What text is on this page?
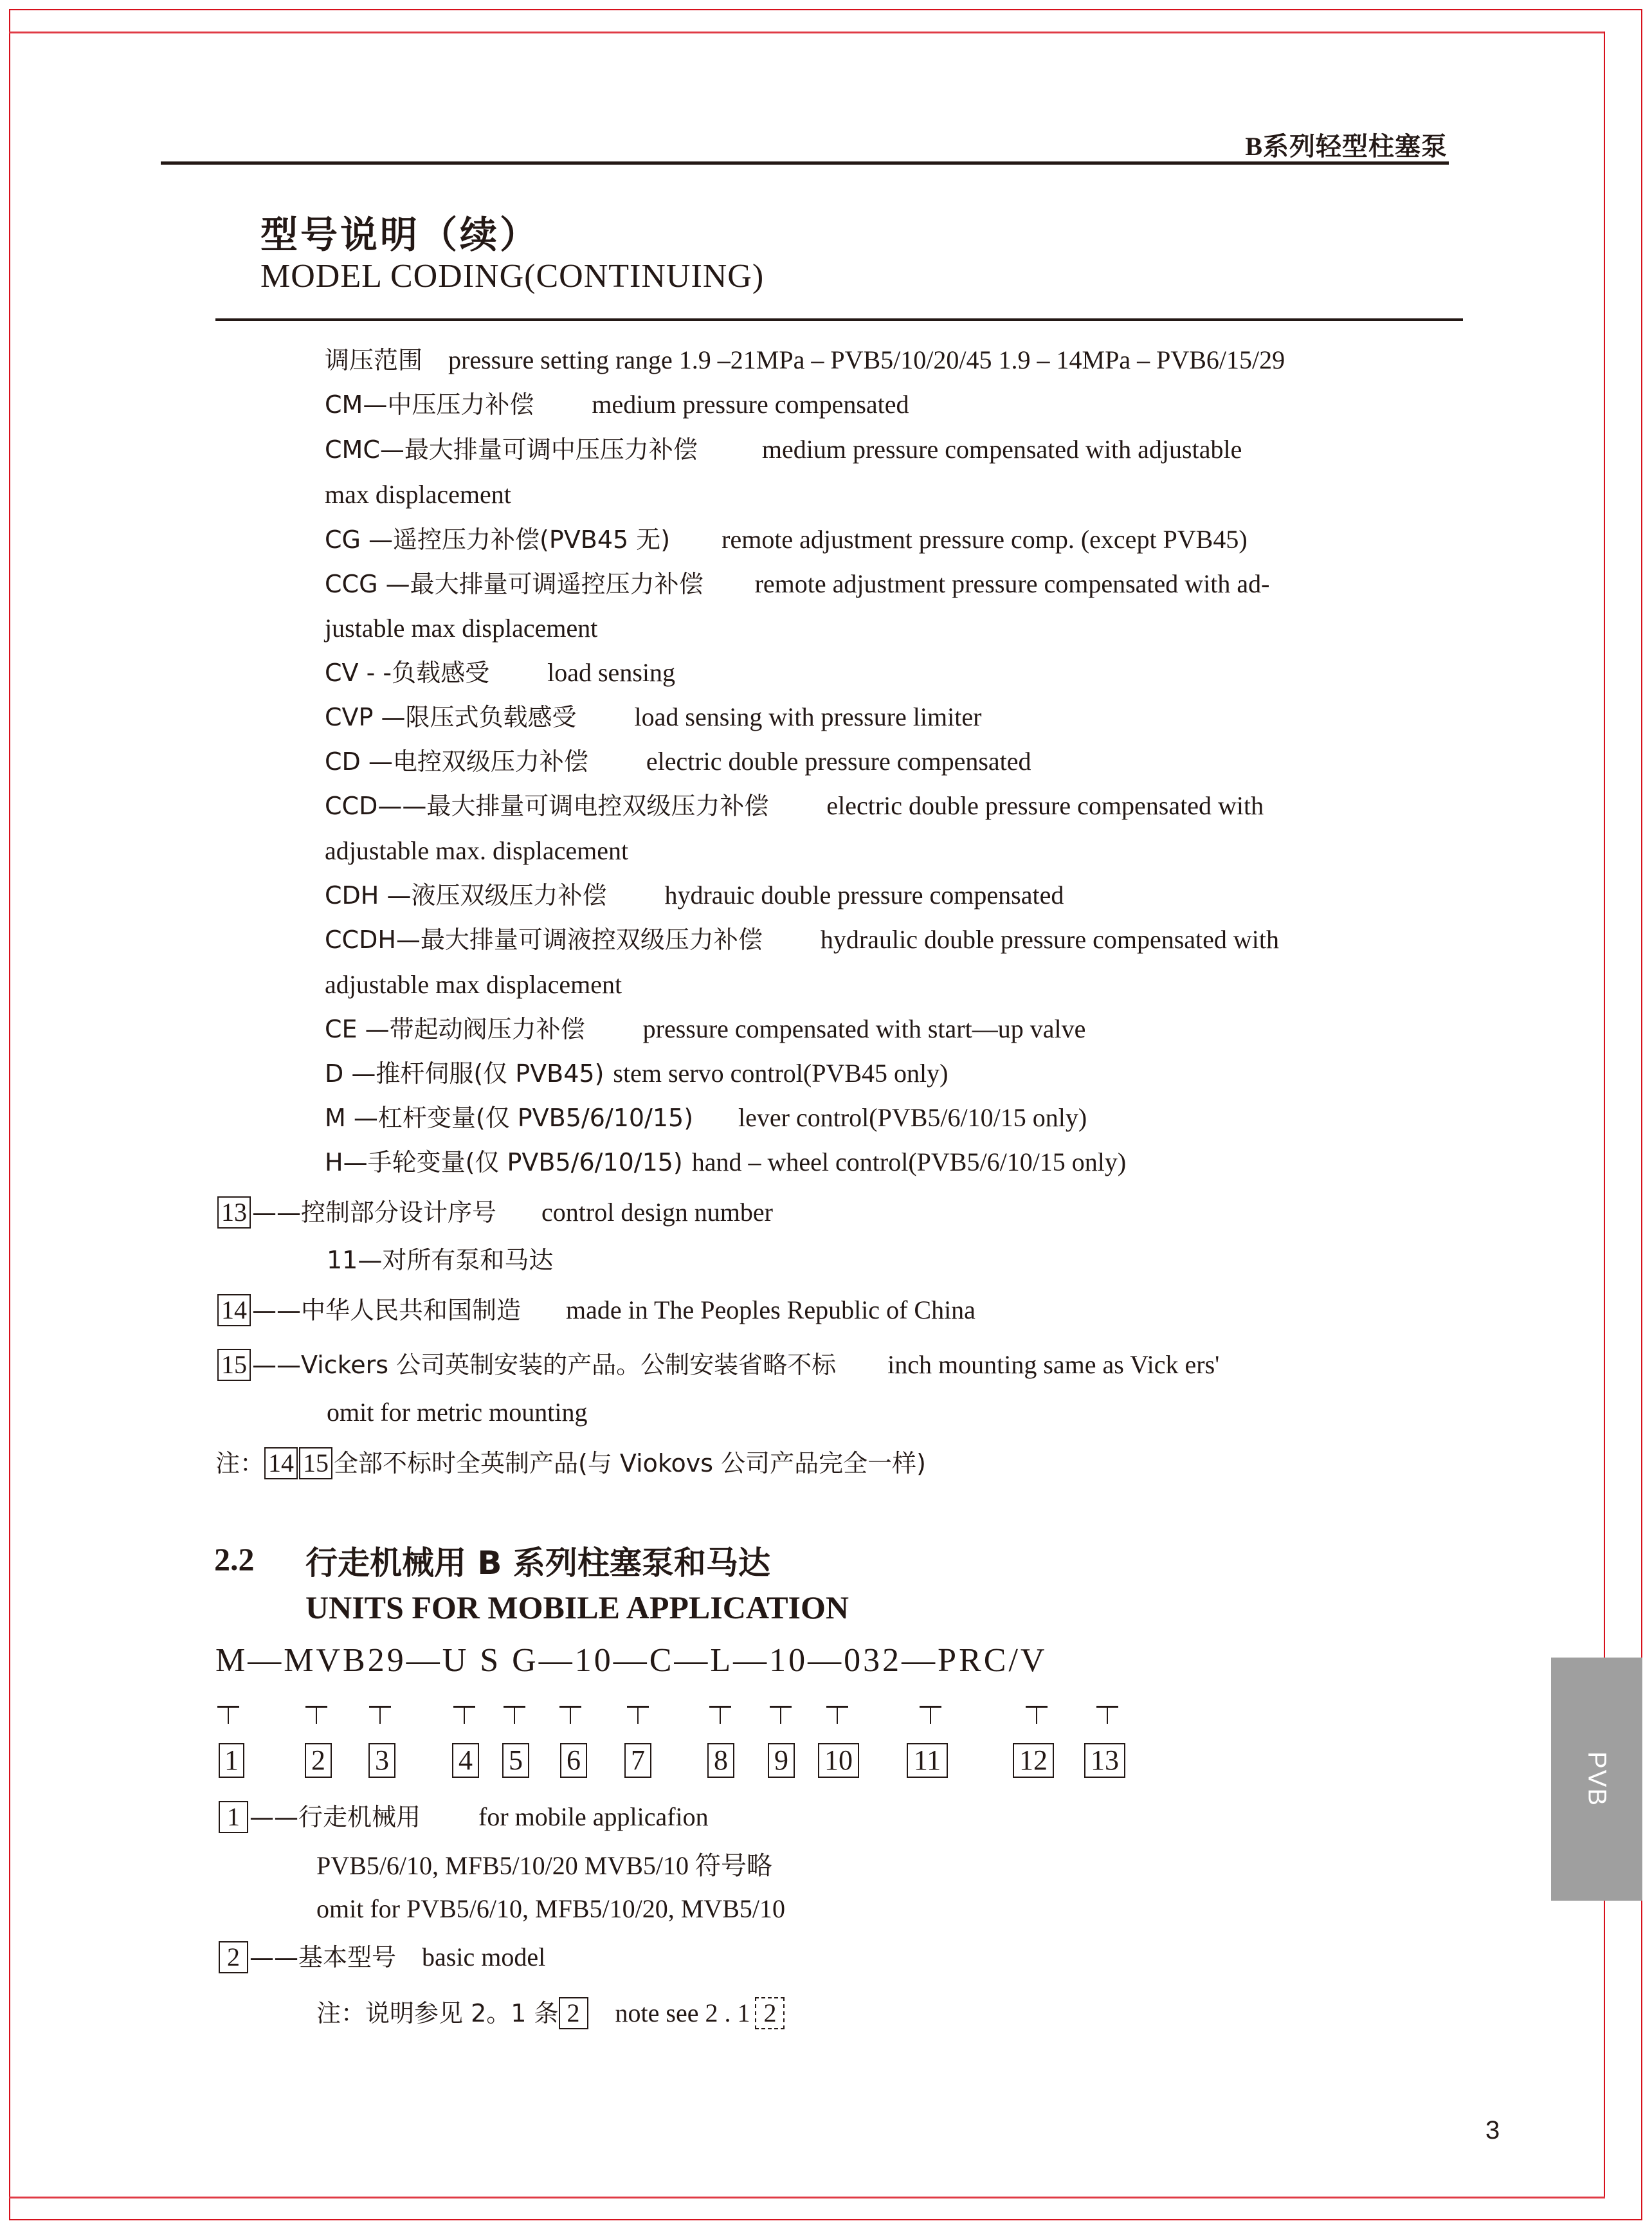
B系列轻型柱塞泵
型号说明（续）
MODEL CODING(CONTINUING)
调压范围 pressure setting range 1.9 –21MPa – PVB5/10/20/45 1.9 – 14MPa – PVB6/15/29
CM—中压压力补偿 medium pressure compensated
CMC—最大排量可调中压压力补偿	medium pressure compensated with adjustable
max displacement
CG —遥控压力补偿(PVB45 无) remote adjustment pressure comp. (except PVB45)
CCG —最大排量可调遥控压力补偿 remote adjustment pressure compensated with ad-
justable max displacement
CV - -负载感受 load sensing
CVP —限压式负载感受 load sensing with pressure limiter
CD —电控双级压力补偿 electric double pressure compensated
CCD——最大排量可调电控双级压力补偿 electric double pressure compensated with
adjustable max. displacement
CDH —液压双级压力补偿 hydrauic double pressure compensated
CCDH—最大排量可调液控双级压力补偿 hydraulic double pressure compensated with
adjustable max displacement
CE —带起动阀压力补偿 pressure compensated with start—up valve
D —推杆伺服(仅 PVB45) stem servo control(PVB45 only)
M —杠杆变量(仅 PVB5/6/10/15) lever control(PVB5/6/10/15 only)
H—手轮变量(仅 PVB5/6/10/15) hand – wheel control(PVB5/6/10/15 only)
13 ——控制部分设计序号 control design number
11—对所有泵和马达
14 ——中华人民共和国制造 made in The Peoples Republic of China
15 ——Vickers 公司英制安装的产品。公制安装省略不标 inch mounting same as Vick ers'
omit for metric mounting
注： 14 15 全部不标时全英制产品(与 Viokovs 公司产品完全一样)
2.2 行走机械用 B 系列柱塞泵和马达
UNITS FOR MOBILE APPLICATION
M—MVB29—U S G—10—C—L—10—032—PRC/V
1	2 3 4 5 6 7 8 9 10 11	12 13
1 ——行走机械用 for mobile applicafion
PVB5/6/10, MFB5/10/20 MVB5/10 符号略
omit for PVB5/6/10, MFB5/10/20, MVB5/10
2 ——基本型号 basic model
注：说明参见 2。1 条 2 note see 2 . 1 2
PVB
3
